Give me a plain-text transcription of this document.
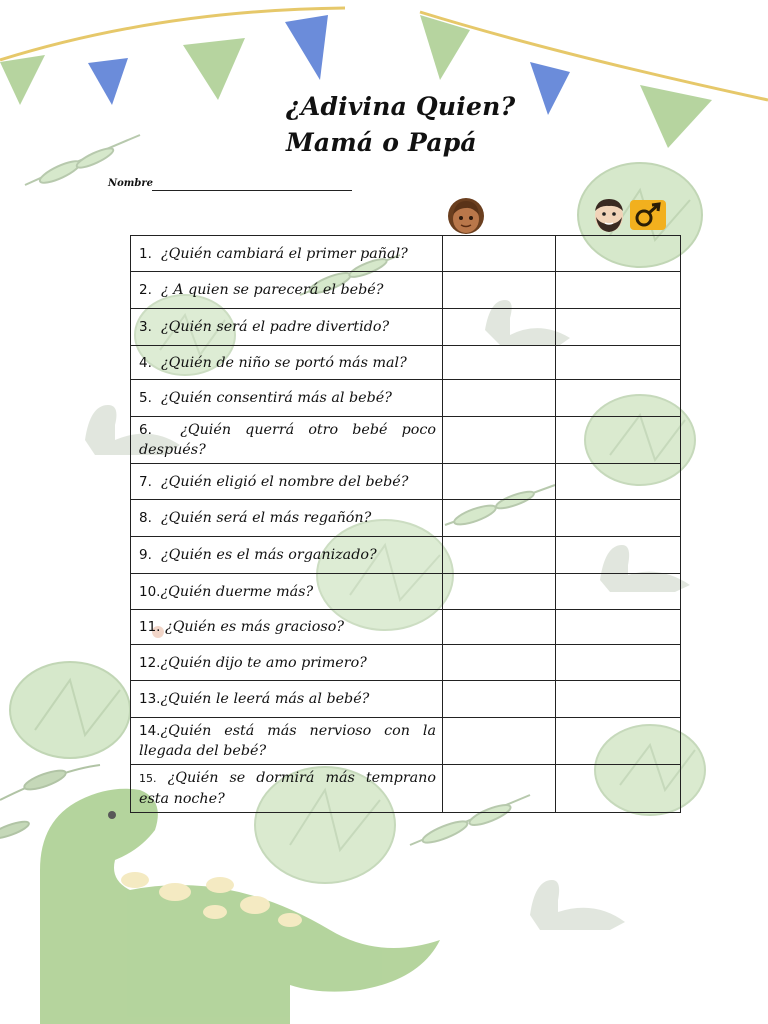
¿Adivina Quien?
Mamá o Papá
Nombre
1. ¿Quién cambiará el primer pañal?		
2. ¿ A quien se parecerá el bebé?		
3. ¿Quién será el padre divertido?		
4. ¿Quién de niño se portó más mal?		
5. ¿Quién consentirá más al bebé?		
6. ¿Quién querrá otro bebé poco después?		
7. ¿Quién eligió el nombre del bebé?		
8. ¿Quién será el más regañón?		
9. ¿Quién es el más organizado?		
10.¿Quién duerme más?		
11. ¿Quién es más gracioso?		
12.¿Quién dijo te amo primero?		
13.¿Quién le leerá más al bebé?		
14.¿Quién está más nervioso con la llegada del bebé?		
15. ¿Quién se dormirá más temprano esta noche?		
